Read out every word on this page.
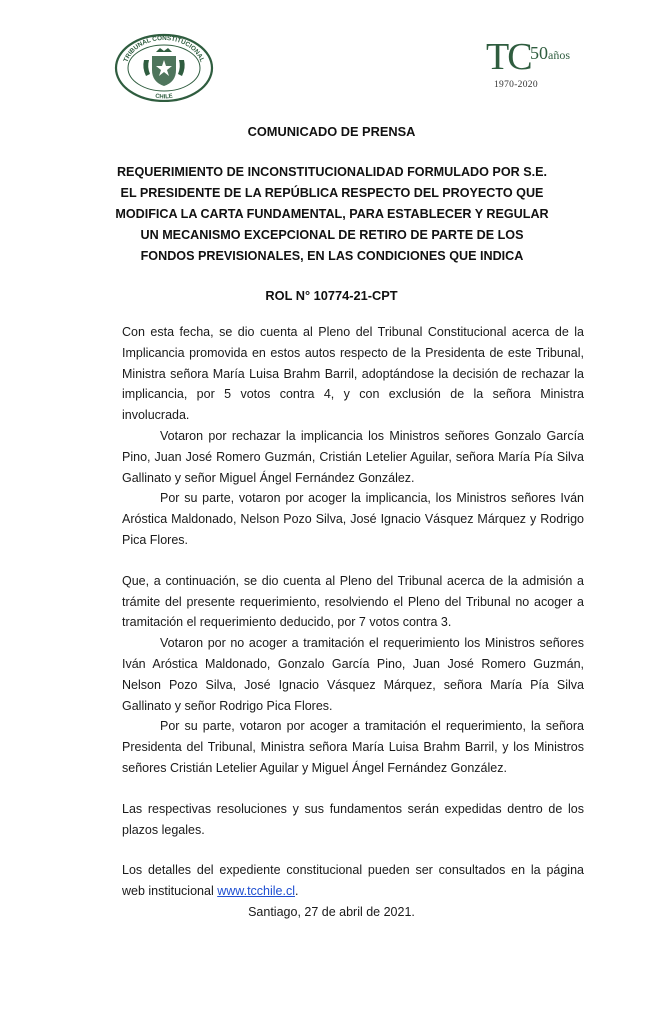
TRIBUNAL CONSTITUCIONAL
CHILE
TC 50 años
1970-2020
COMUNICADO DE PRENSA
REQUERIMIENTO DE INCONSTITUCIONALIDAD FORMULADO POR S.E. EL PRESIDENTE DE LA REPÚBLICA RESPECTO DEL PROYECTO QUE MODIFICA LA CARTA FUNDAMENTAL, PARA ESTABLECER Y REGULAR UN MECANISMO EXCEPCIONAL DE RETIRO DE PARTE DE LOS FONDOS PREVISIONALES, EN LAS CONDICIONES QUE INDICA
ROL N° 10774-21-CPT

Con esta fecha, se dio cuenta al Pleno del Tribunal Constitucional acerca de la Implicancia promovida en estos autos respecto de la Presidenta de este Tribunal, Ministra señora María Luisa Brahm Barril, adoptándose la decisión de rechazar la implicancia, por 5 votos contra 4, y con exclusión de la señora Ministra involucrada.

Votaron por rechazar la implicancia los Ministros señores Gonzalo García Pino, Juan José Romero Guzmán, Cristián Letelier Aguilar, señora María Pía Silva Gallinato y señor Miguel Ángel Fernández González.

Por su parte, votaron por acoger la implicancia, los Ministros señores Iván Aróstica Maldonado, Nelson Pozo Silva, José Ignacio Vásquez Márquez y Rodrigo Pica Flores.

Que, a continuación, se dio cuenta al Pleno del Tribunal acerca de la admisión a trámite del presente requerimiento, resolviendo el Pleno del Tribunal no acoger a tramitación el requerimiento deducido, por 7 votos contra 3.

Votaron por no acoger a tramitación el requerimiento los Ministros señores Iván Aróstica Maldonado, Gonzalo García Pino, Juan José Romero Guzmán, Nelson Pozo Silva, José Ignacio Vásquez Márquez, señora María Pía Silva Gallinato y señor Rodrigo Pica Flores.

Por su parte, votaron por acoger a tramitación el requerimiento, la señora Presidenta del Tribunal, Ministra señora María Luisa Brahm Barril, y los Ministros señores Cristián Letelier Aguilar y Miguel Ángel Fernández González.

Las respectivas resoluciones y sus fundamentos serán expedidas dentro de los plazos legales.

Los detalles del expediente constitucional pueden ser consultados en la página web institucional www.tcchile.cl.

Santiago, 27 de abril de 2021.
